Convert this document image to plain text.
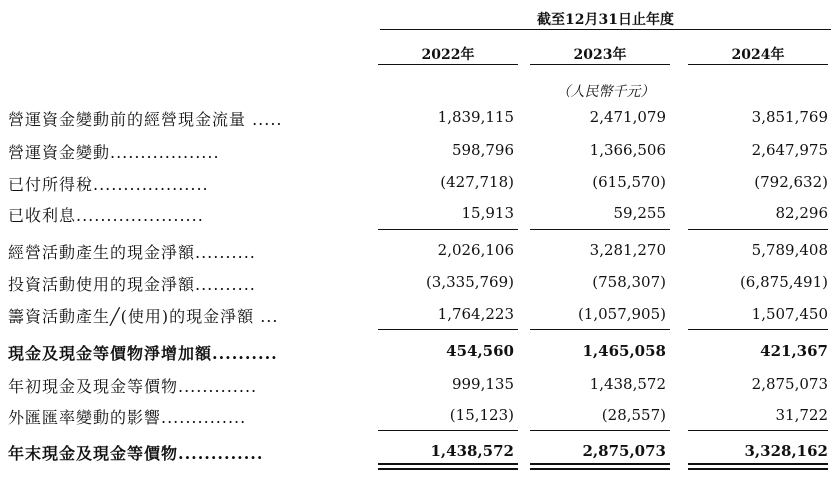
截至12月31日止年度
2022年	2023年	2024年
（人民幣千元）
營運資金變動前的經營現金流量 .....	1,839,115	2,471,079	3,851,769
營運資金變動..................	598,796	1,366,506	2,647,975
已付所得稅...................	(427,718)	(615,570)	(792,632)
已收利息.....................	15,913	59,255	82,296
經營活動產生的現金淨額..........	2,026,106	3,281,270	5,789,408
投資活動使用的現金淨額..........	(3,335,769)	(758,307)	(6,875,491)
籌資活動產生╱(使用)的現金淨額 ...	1,764,223	(1,057,905)	1,507,450
現金及現金等價物淨增加額..........	454,560	1,465,058	421,367
年初現金及現金等價物.............	999,135	1,438,572	2,875,073
外匯匯率變動的影響..............	(15,123)	(28,557)	31,722
年末現金及現金等價物.............	1,438,572	2,875,073	3,328,162
